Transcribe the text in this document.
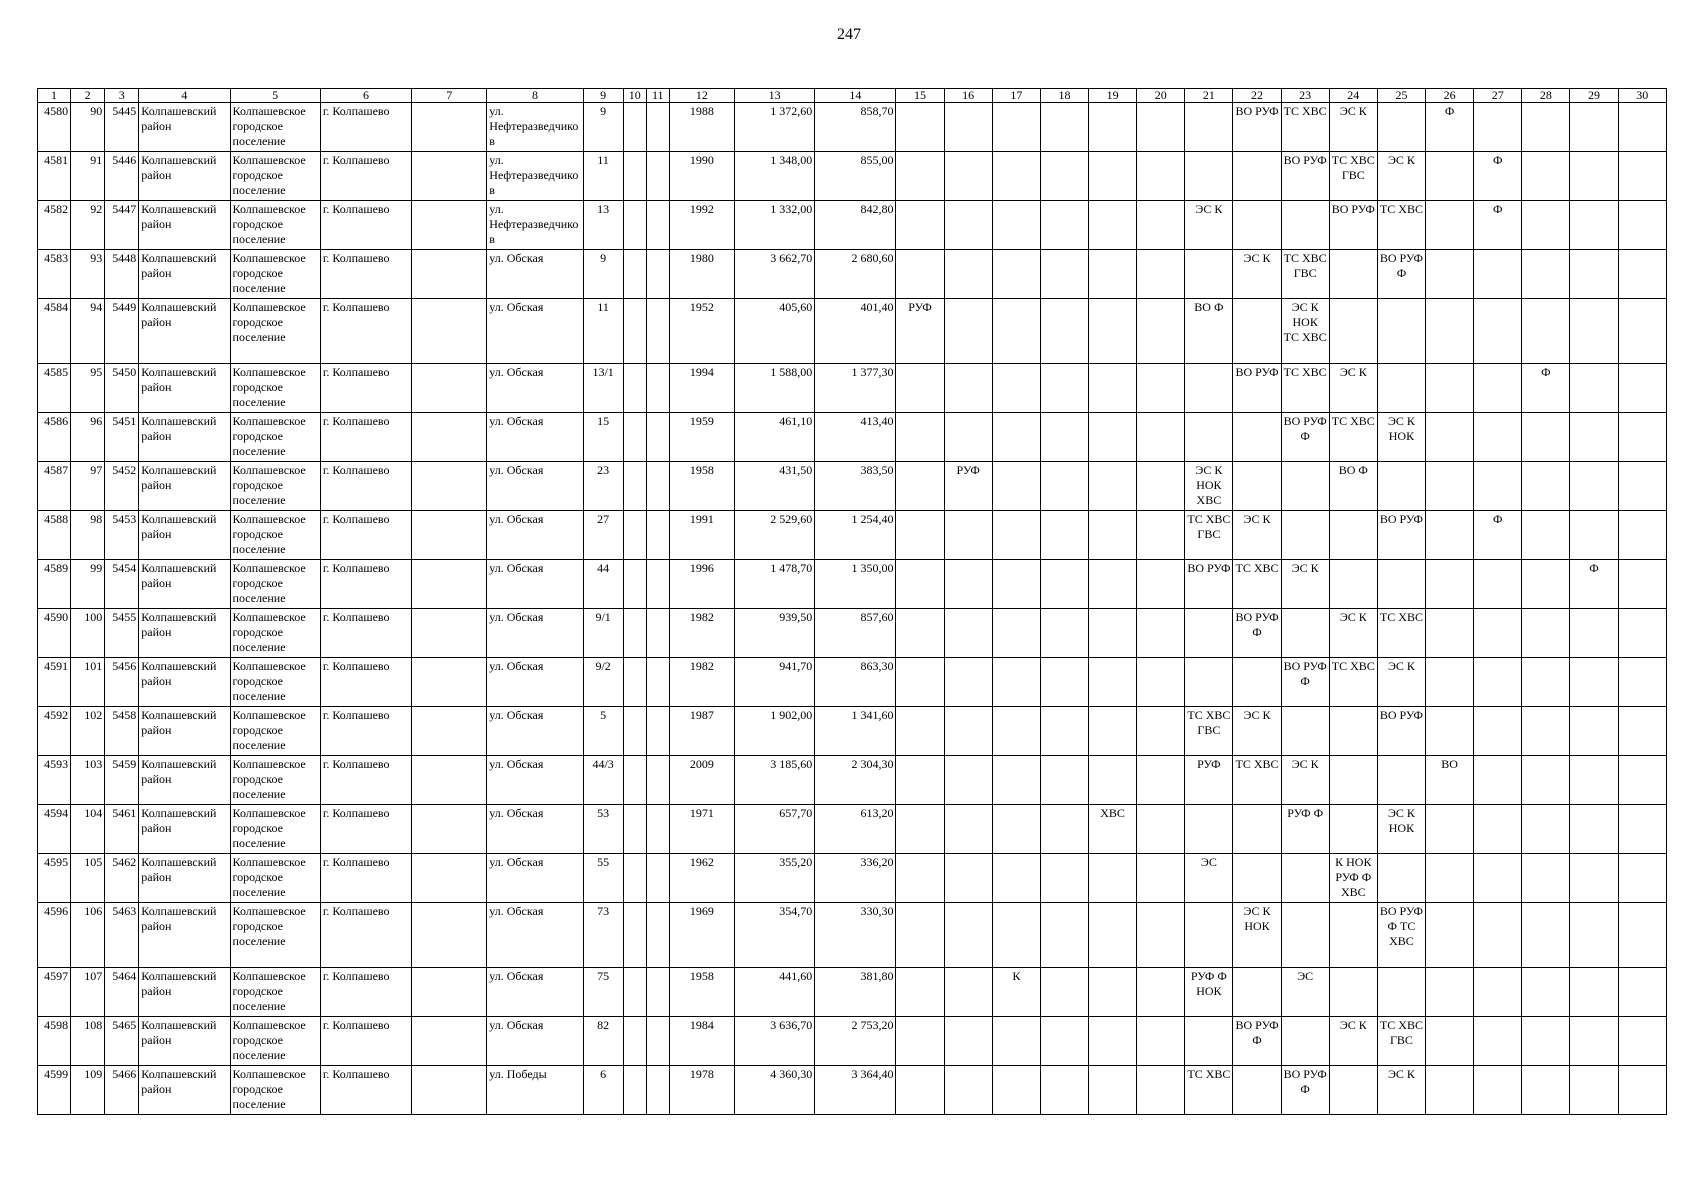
247
1	2	3	4	5	6	7	8	9	10	11	12	13	14	15	16	17	18	19	20	21	22	23	24	25	26	27	28	29	30
4580	90	5445	Колпашевский район	Колпашевское городское поселение	г. Колпашево		ул. Нефтеразведчиков	9			1988	1 372,60	858,70								ВО РУФ	ТС ХВС	ЭС К		Ф				
4581	91	5446	Колпашевский район	Колпашевское городское поселение	г. Колпашево		ул. Нефтеразведчиков	11			1990	1 348,00	855,00									ВО РУФ	ТС ХВС ГВС	ЭС К		Ф			
4582	92	5447	Колпашевский район	Колпашевское городское поселение	г. Колпашево		ул. Нефтеразведчиков	13			1992	1 332,00	842,80							ЭС К			ВО РУФ	ТС ХВС		Ф			
4583	93	5448	Колпашевский район	Колпашевское городское поселение	г. Колпашево		ул. Обская	9			1980	3 662,70	2 680,60								ЭС К	ТС ХВС ГВС		ВО РУФ Ф					
4584	94	5449	Колпашевский район	Колпашевское городское поселение	г. Колпашево		ул. Обская	11			1952	405,60	401,40	РУФ						ВО Ф		ЭС К НОК ТС ХВС							
4585	95	5450	Колпашевский район	Колпашевское городское поселение	г. Колпашево		ул. Обская	13/1			1994	1 588,00	1 377,30								ВО РУФ	ТС ХВС	ЭС К				Ф		
4586	96	5451	Колпашевский район	Колпашевское городское поселение	г. Колпашево		ул. Обская	15			1959	461,10	413,40									ВО РУФ Ф	ТС ХВС	ЭС К НОК					
4587	97	5452	Колпашевский район	Колпашевское городское поселение	г. Колпашево		ул. Обская	23			1958	431,50	383,50		РУФ					ЭС К НОК ХВС			ВО Ф						
4588	98	5453	Колпашевский район	Колпашевское городское поселение	г. Колпашево		ул. Обская	27			1991	2 529,60	1 254,40							ТС ХВС ГВС	ЭС К			ВО РУФ		Ф			
4589	99	5454	Колпашевский район	Колпашевское городское поселение	г. Колпашево		ул. Обская	44			1996	1 478,70	1 350,00							ВО РУФ	ТС ХВС	ЭС К						Ф	
4590	100	5455	Колпашевский район	Колпашевское городское поселение	г. Колпашево		ул. Обская	9/1			1982	939,50	857,60								ВО РУФ Ф		ЭС К	ТС ХВС					
4591	101	5456	Колпашевский район	Колпашевское городское поселение	г. Колпашево		ул. Обская	9/2			1982	941,70	863,30									ВО РУФ Ф	ТС ХВС	ЭС К					
4592	102	5458	Колпашевский район	Колпашевское городское поселение	г. Колпашево		ул. Обская	5			1987	1 902,00	1 341,60							ТС ХВС ГВС	ЭС К			ВО РУФ					
4593	103	5459	Колпашевский район	Колпашевское городское поселение	г. Колпашево		ул. Обская	44/3			2009	3 185,60	2 304,30							РУФ	ТС ХВС	ЭС К			ВО				
4594	104	5461	Колпашевский район	Колпашевское городское поселение	г. Колпашево		ул. Обская	53			1971	657,70	613,20					ХВС				РУФ Ф		ЭС К НОК					
4595	105	5462	Колпашевский район	Колпашевское городское поселение	г. Колпашево		ул. Обская	55			1962	355,20	336,20							ЭС			К НОК РУФ Ф ХВС						
4596	106	5463	Колпашевский район	Колпашевское городское поселение	г. Колпашево		ул. Обская	73			1969	354,70	330,30								ЭС К НОК			ВО РУФ Ф ТС ХВС					
4597	107	5464	Колпашевский район	Колпашевское городское поселение	г. Колпашево		ул. Обская	75			1958	441,60	381,80			К				РУФ Ф НОК		ЭС							
4598	108	5465	Колпашевский район	Колпашевское городское поселение	г. Колпашево		ул. Обская	82			1984	3 636,70	2 753,20								ВО РУФ Ф		ЭС К	ТС ХВС ГВС					
4599	109	5466	Колпашевский район	Колпашевское городское поселение	г. Колпашево		ул. Победы	6			1978	4 360,30	3 364,40							ТС ХВС		ВО РУФ Ф		ЭС К					
